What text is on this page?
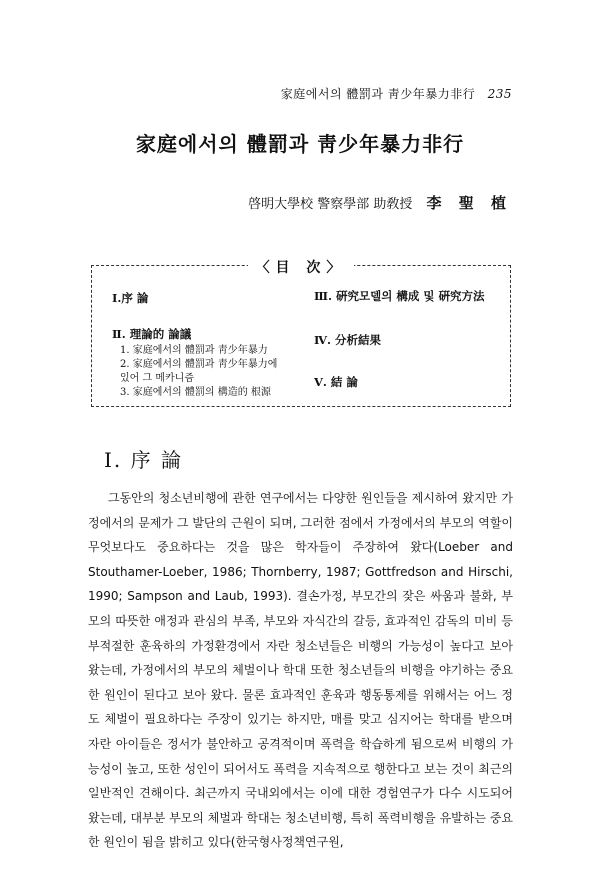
家庭에서의 體罰과 靑少年暴力非行 235
家庭에서의 體罰과 靑少年暴力非行
啓明大學校 警察學部 助敎授 李 聖 植
〈目 次〉
Ⅰ.序 論
Ⅱ. 理論的 論議
1. 家庭에서의 體罰과 靑少年暴力
2. 家庭에서의 體罰과 靑少年暴力에 있어 그 메카니즘
3. 家庭에서의 體罰의 構造的 根源
Ⅲ. 硏究모델의 構成 및 硏究方法
Ⅳ. 分析結果
Ⅴ. 結 論
Ⅰ. 序 論

그동안의 청소년비행에 관한 연구에서는 다양한 원인들을 제시하여 왔지만 가정에서의 문제가 그 발단의 근원이 되며, 그러한 점에서 가정에서의 부모의 역할이 무엇보다도 중요하다는 것을 많은 학자들이 주장하여 왔다(Loeber and Stouthamer-Loeber, 1986; Thornberry, 1987; Gottfredson and Hirschi, 1990; Sampson and Laub, 1993). 결손가정, 부모간의 잦은 싸움과 불화, 부모의 따뜻한 애정과 관심의 부족, 부모와 자식간의 갈등, 효과적인 감독의 미비 등 부적절한 훈육하의 가정환경에서 자란 청소년들은 비행의 가능성이 높다고 보아 왔는데, 가정에서의 부모의 체벌이나 학대 또한 청소년들의 비행을 야기하는 중요한 원인이 된다고 보아 왔다. 물론 효과적인 훈육과 행동통제를 위해서는 어느 정도 체벌이 필요하다는 주장이 있기는 하지만, 매를 맞고 심지어는 학대를 받으며 자란 아이들은 정서가 불안하고 공격적이며 폭력을 학습하게 됨으로써 비행의 가능성이 높고, 또한 성인이 되어서도 폭력을 지속적으로 행한다고 보는 것이 최근의 일반적인 견해이다. 최근까지 국내외에서는 이에 대한 경험연구가 다수 시도되어 왔는데, 대부분 부모의 체벌과 학대는 청소년비행, 특히 폭력비행을 유발하는 중요한 원인이 됨을 밝히고 있다(한국형사정책연구원,
